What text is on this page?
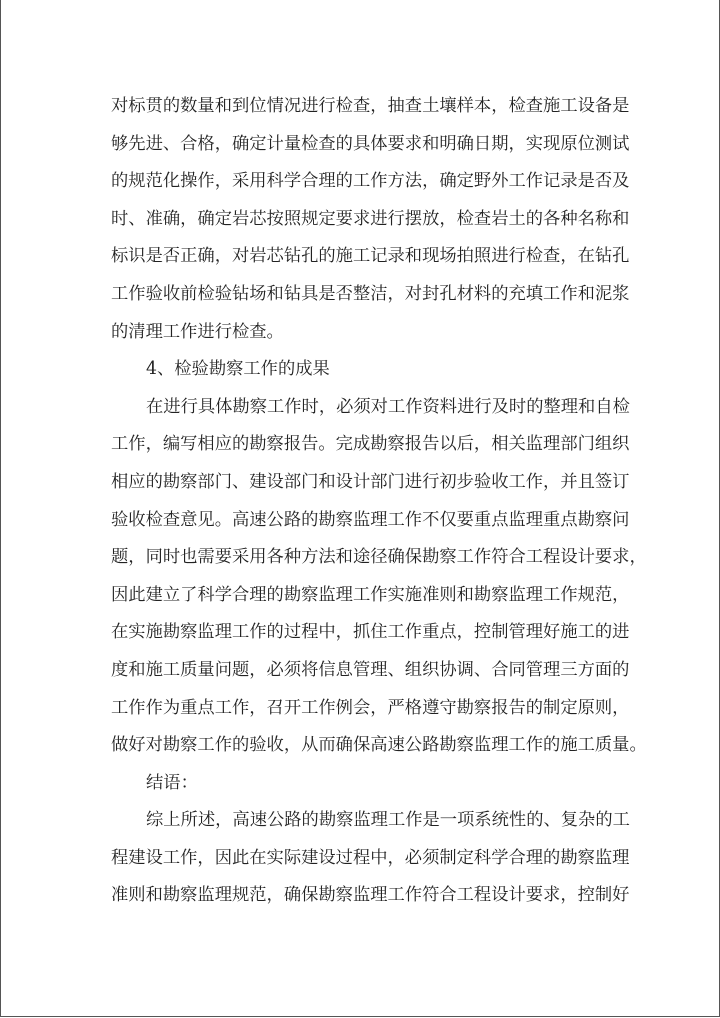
对标贯的数量和到位情况进行检查，抽查土壤样本，检查施工设备是
够先进、合格，确定计量检查的具体要求和明确日期，实现原位测试
的规范化操作，采用科学合理的工作方法，确定野外工作记录是否及
时、准确，确定岩芯按照规定要求进行摆放，检查岩土的各种名称和
标识是否正确，对岩芯钻孔的施工记录和现场拍照进行检查，在钻孔
工作验收前检验钻场和钻具是否整洁，对封孔材料的充填工作和泥浆
的清理工作进行检查。
4、检验勘察工作的成果
在进行具体勘察工作时，必须对工作资料进行及时的整理和自检
工作，编写相应的勘察报告。完成勘察报告以后，相关监理部门组织
相应的勘察部门、建设部门和设计部门进行初步验收工作，并且签订
验收检查意见。高速公路的勘察监理工作不仅要重点监理重点勘察问
题，同时也需要采用各种方法和途径确保勘察工作符合工程设计要求，
因此建立了科学合理的勘察监理工作实施准则和勘察监理工作规范，
在实施勘察监理工作的过程中，抓住工作重点，控制管理好施工的进
度和施工质量问题，必须将信息管理、组织协调、合同管理三方面的
工作作为重点工作，召开工作例会，严格遵守勘察报告的制定原则，
做好对勘察工作的验收，从而确保高速公路勘察监理工作的施工质量。
结语：
综上所述，高速公路的勘察监理工作是一项系统性的、复杂的工
程建设工作，因此在实际建设过程中，必须制定科学合理的勘察监理
准则和勘察监理规范，确保勘察监理工作符合工程设计要求，控制好
